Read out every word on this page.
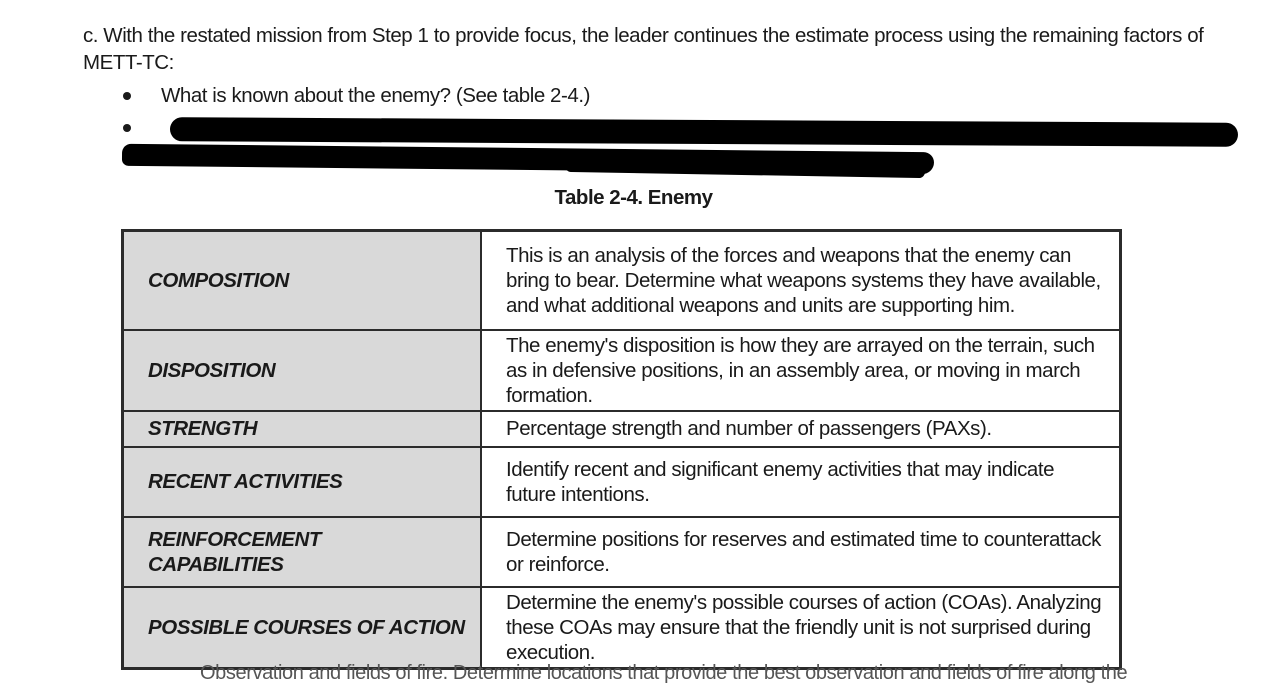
c. With the restated mission from Step 1 to provide focus, the leader continues the estimate process using the remaining factors of METT-TC:
What is known about the enemy? (See table 2-4.)
Table 2-4. Enemy
COMPOSITION	This is an analysis of the forces and weapons that the enemy can bring to bear. Determine what weapons systems they have available, and what additional weapons and units are supporting him.
DISPOSITION	The enemy's disposition is how they are arrayed on the terrain, such as in defensive positions, in an assembly area, or moving in march formation.
STRENGTH	Percentage strength and number of passengers (PAXs).
RECENT ACTIVITIES	Identify recent and significant enemy activities that may indicate future intentions.
REINFORCEMENT CAPABILITIES	Determine positions for reserves and estimated time to counterattack or reinforce.
POSSIBLE COURSES OF ACTION	Determine the enemy's possible courses of action (COAs). Analyzing these COAs may ensure that the friendly unit is not surprised during execution.
Observation and fields of fire. Determine locations that provide the best observation and fields of fire along the
